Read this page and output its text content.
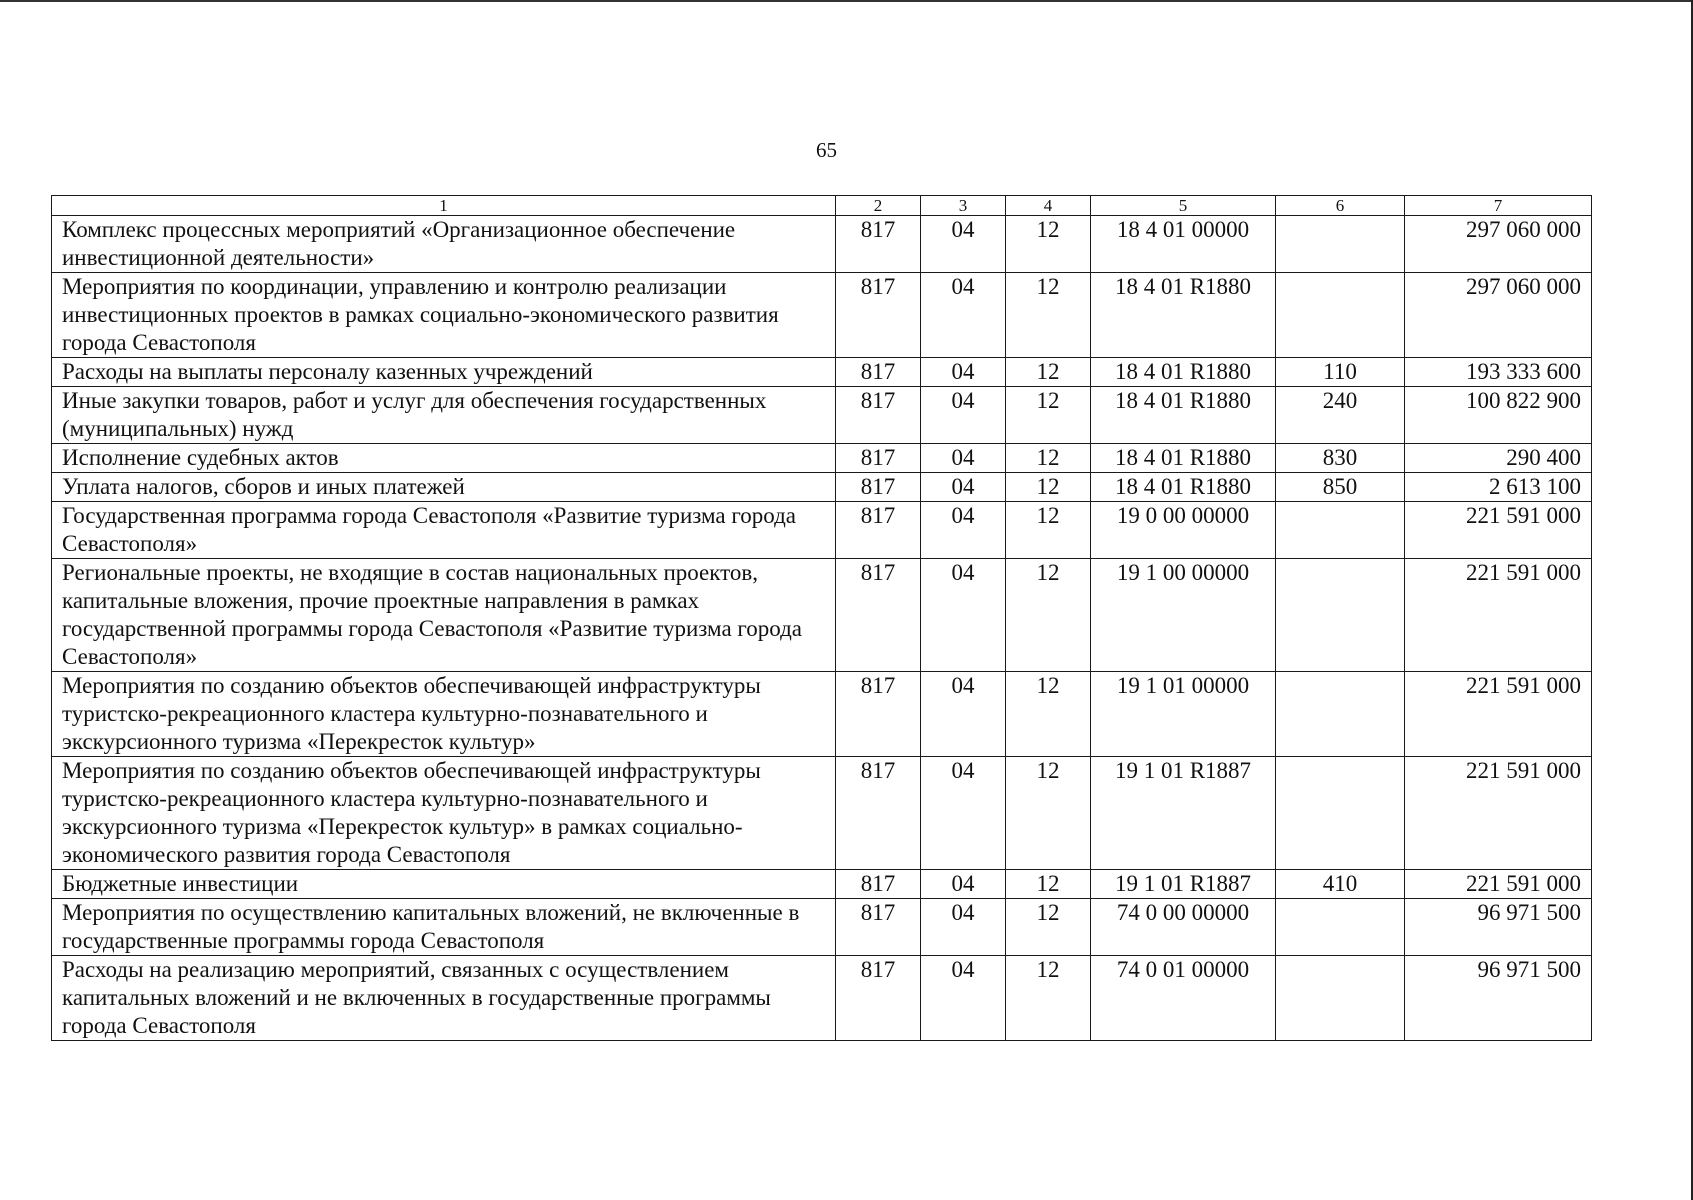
65
1	2	3	4	5	6	7
Комплекс процессных мероприятий «Организационное обеспечение инвестиционной деятельности»	817	04	12	18 4 01 00000		297 060 000
Мероприятия по координации, управлению и контролю реализации инвестиционных проектов в рамках социально-экономического развития города Севастополя	817	04	12	18 4 01 R1880		297 060 000
Расходы на выплаты персоналу казенных учреждений	817	04	12	18 4 01 R1880	110	193 333 600
Иные закупки товаров, работ и услуг для обеспечения государственных (муниципальных) нужд	817	04	12	18 4 01 R1880	240	100 822 900
Исполнение судебных актов	817	04	12	18 4 01 R1880	830	290 400
Уплата налогов, сборов и иных платежей	817	04	12	18 4 01 R1880	850	2 613 100
Государственная программа города Севастополя «Развитие туризма города Севастополя»	817	04	12	19 0 00 00000		221 591 000
Региональные проекты, не входящие в состав национальных проектов, капитальные вложения, прочие проектные направления в рамках государственной программы города Севастополя «Развитие туризма города Севастополя»	817	04	12	19 1 00 00000		221 591 000
Мероприятия по созданию объектов обеспечивающей инфраструктуры туристско-рекреационного кластера культурно-познавательного и экскурсионного туризма «Перекресток культур»	817	04	12	19 1 01 00000		221 591 000
Мероприятия по созданию объектов обеспечивающей инфраструктуры туристско-рекреационного кластера культурно-познавательного и экскурсионного туризма «Перекресток культур» в рамках социально-экономического развития города Севастополя	817	04	12	19 1 01 R1887		221 591 000
Бюджетные инвестиции	817	04	12	19 1 01 R1887	410	221 591 000
Мероприятия по осуществлению капитальных вложений, не включенные в государственные программы города Севастополя	817	04	12	74 0 00 00000		96 971 500
Расходы на реализацию мероприятий, связанных с осуществлением капитальных вложений и не включенных в государственные программы города Севастополя	817	04	12	74 0 01 00000		96 971 500
